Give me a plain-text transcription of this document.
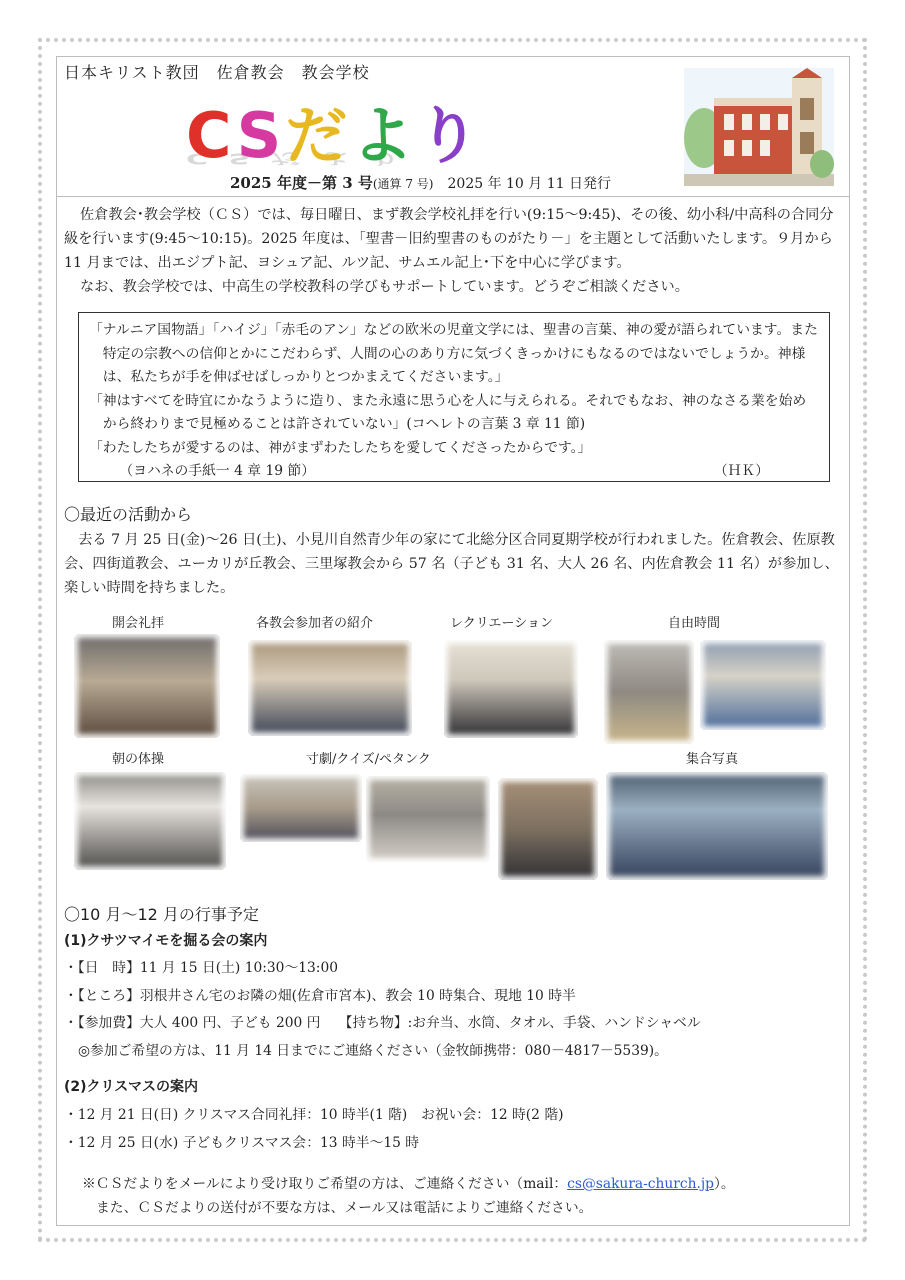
日本キリスト教団　佐倉教会　教会学校
CSだより
CSだより
2025 年度－第 3 号(通算 7 号)　 2025 年 10 月 11 日発行

佐倉教会･教会学校（ＣＳ）では、毎日曜日、まず教会学校礼拝を行い(9:15～9:45)、その後、幼小科/中高科の合同分級を行います(9:45～10:15)。2025 年度は、「聖書－旧約聖書のものがたり－」を主題として活動いたします。９月から 11 月までは、出エジプト記、ヨシュア記、ルツ記、サムエル記上･下を中心に学びます。

なお、教会学校では、中高生の学校教科の学びもサポートしています。どうぞご相談ください。

「ナルニア国物語」「ハイジ」「赤毛のアン」などの欧米の児童文学には、聖書の言葉、神の愛が語られています。また特定の宗教への信仰とかにこだわらず、人間の心のあり方に気づくきっかけにもなるのではないでしょうか。神様は、私たちが手を伸ばせばしっかりとつかまえてくださいます。」

「神はすべてを時宜にかなうように造り、また永遠に思う心を人に与えられる。それでもなお、神のなさる業を始めから終わりまで見極めることは許されていない」(コヘレトの言葉 3 章 11 節)

「わたしたちが愛するのは、神がまずわたしたちを愛してくださったからです。」

（ヨハネの手紙一 4 章 19 節）	（ＨＫ）

〇最近の活動から

去る 7 月 25 日(金)～26 日(土)、小見川自然青少年の家にて北総分区合同夏期学校が行われました。佐倉教会、佐原教会、四街道教会、ユーカリが丘教会、三里塚教会から 57 名（子ども 31 名、大人 26 名、内佐倉教会 11 名）が参加し、楽しい時間を持ちました。

開会礼拝	各教会参加者の紹介	レクリエーション	自由時間
朝の体操	寸劇/クイズ/ペタンク	集合写真
〇10 月～12 月の行事予定
(1)クサツマイモを掘る会の案内
・【日　時】11 月 15 日(土) 10:30～13:00
・【ところ】羽根井さん宅のお隣の畑(佐倉市宮本)、教会 10 時集合、現地 10 時半
・【参加費】大人 400 円、子ども 200 円　 【持ち物】:お弁当、水筒、タオル、手袋、ハンドシャベル
◎参加ご希望の方は、11 月 14 日までにご連絡ください（金牧師携帯：080－4817－5539)。
(2)クリスマスの案内
・12 月 21 日(日) クリスマス合同礼拝：10 時半(1 階)　お祝い会：12 時(2 階)
・12 月 25 日(水) 子どもクリスマス会：13 時半～15 時
※ＣＳだよりをメールにより受け取りご希望の方は、ご連絡ください（mail：cs@sakura-church.jp）。
また、ＣＳだよりの送付が不要な方は、メール又は電話によりご連絡ください。
